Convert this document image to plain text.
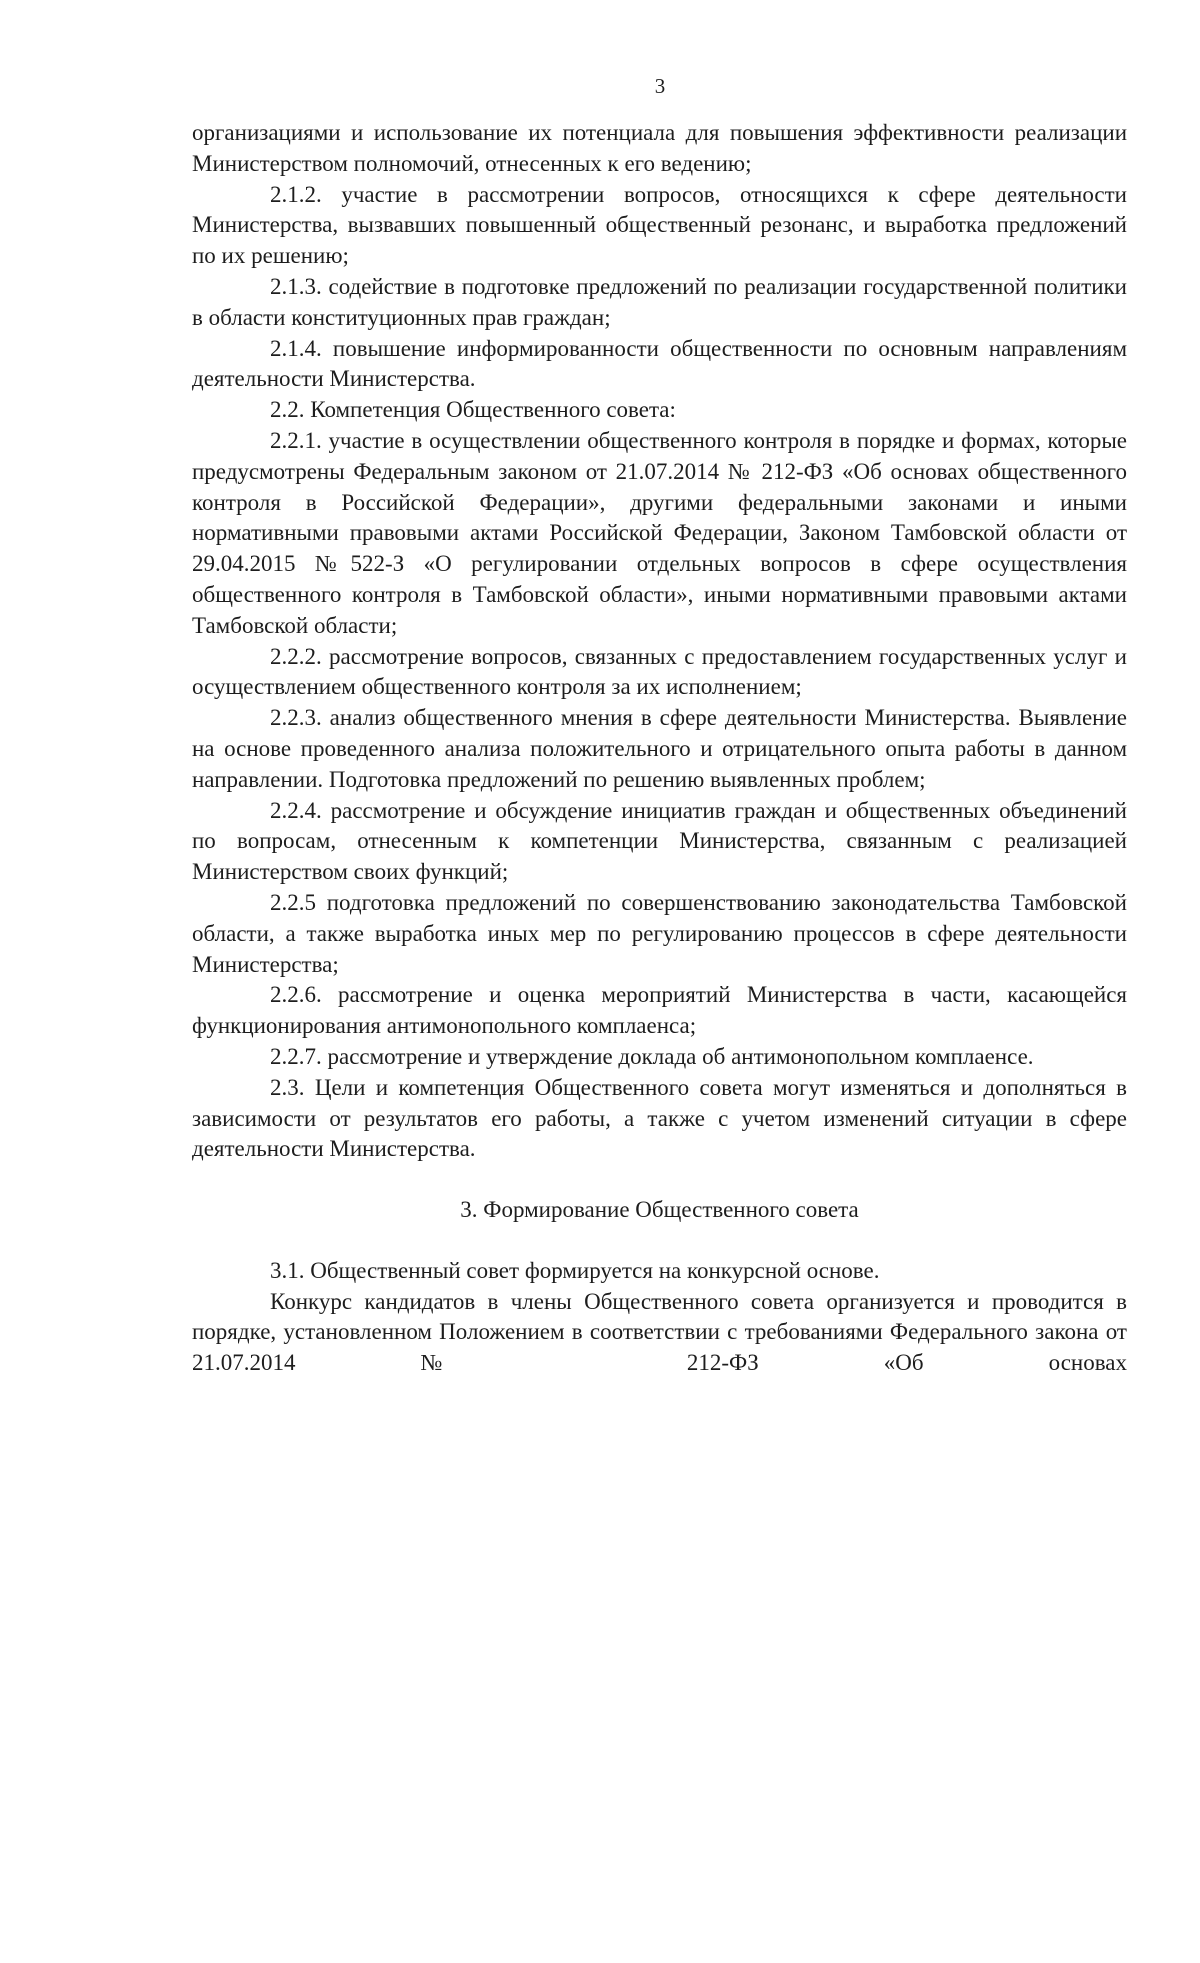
3

организациями и использование их потенциала для повышения эффективности реализации Министерством полномочий, отнесенных к его ведению;

2.1.2. участие в рассмотрении вопросов, относящихся к сфере деятельности Министерства, вызвавших повышенный общественный резонанс, и выработка предложений по их решению;

2.1.3. содействие в подготовке предложений по реализации государственной политики в области конституционных прав граждан;

2.1.4. повышение информированности общественности по основным направлениям деятельности Министерства.

2.2. Компетенция Общественного совета:

2.2.1. участие в осуществлении общественного контроля в порядке и формах, которые предусмотрены Федеральным законом от 21.07.2014 № 212-ФЗ «Об основах общественного контроля в Российской Федерации», другими федеральными законами и иными нормативными правовыми актами Российской Федерации, Законом Тамбовской области от 29.04.2015 №522-З «О регулировании отдельных вопросов в сфере осуществления общественного контроля в Тамбовской области», иными нормативными правовыми актами Тамбовской области;

2.2.2. рассмотрение вопросов, связанных с предоставлением государственных услуг и осуществлением общественного контроля за их исполнением;

2.2.3. анализ общественного мнения в сфере деятельности Министерства. Выявление на основе проведенного анализа положительного и отрицательного опыта работы в данном направлении. Подготовка предложений по решению выявленных проблем;

2.2.4. рассмотрение и обсуждение инициатив граждан и общественных объединений по вопросам, отнесенным к компетенции Министерства, связанным с реализацией Министерством своих функций;

2.2.5 подготовка предложений по совершенствованию законодательства Тамбовской области, а также выработка иных мер по регулированию процессов в сфере деятельности Министерства;

2.2.6. рассмотрение и оценка мероприятий Министерства в части, касающейся функционирования антимонопольного комплаенса;

2.2.7. рассмотрение и утверждение доклада об антимонопольном комплаенсе.

2.3. Цели и компетенция Общественного совета могут изменяться и дополняться в зависимости от результатов его работы, а также с учетом изменений ситуации в сфере деятельности Министерства.

3. Формирование Общественного совета

3.1. Общественный совет формируется на конкурсной основе.

Конкурс кандидатов в члены Общественного совета организуется и проводится в порядке, установленном Положением в соответствии с требованиями Федерального закона от 21.07.2014 № 212-ФЗ «Об основах
